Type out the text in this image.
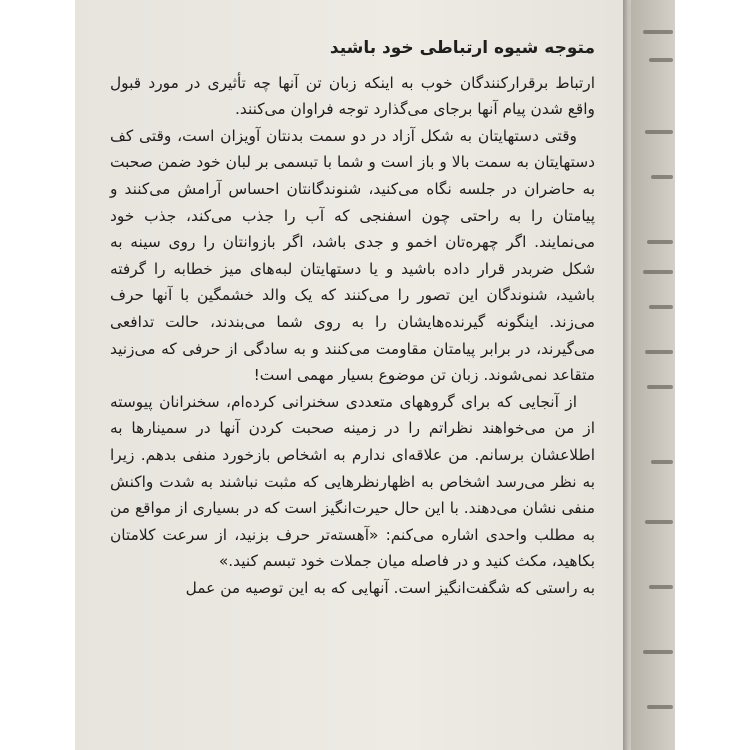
متوجه شیوه ارتباطی خود باشید

ارتباط برقرارکنندگان خوب به اینکه زبان تن آنها چه تأثیری در مورد قبول واقع شدن پیام آنها برجای می‌گذارد توجه فراوان می‌کنند.

وقتی دستهایتان به شکل آزاد در دو سمت بدنتان آویزان است، وقتی کف دستهایتان به سمت بالا و باز است و شما با تبسمی بر لبان خود ضمن صحبت به حاضران در جلسه نگاه می‌کنید، شنوندگانتان احساس آرامش می‌کنند و پیامتان را به راحتی چون اسفنجی که آب را جذب می‌کند، جذب خود می‌نمایند. اگر چهره‌تان اخمو و جدی باشد، اگر بازوانتان را روی سینه به شکل ضربدر قرار داده باشید و یا دستهایتان لبه‌های میز خطابه را گرفته باشید، شنوندگان این تصور را می‌کنند که یک والد خشمگین با آنها حرف می‌زند. اینگونه گیرنده‌هایشان را به روی شما می‌بندند، حالت تدافعی می‌گیرند، در برابر پیامتان مقاومت می‌کنند و به سادگی از حرفی که می‌زنید متقاعد نمی‌شوند. زبان تن موضوع بسیار مهمی است!

از آنجایی که برای گروههای متعددی سخنرانی کرده‌ام، سخنرانان پیوسته از من می‌خواهند نظراتم را در زمینه صحبت کردن آنها در سمینارها به اطلاعشان برسانم. من علاقه‌ای ندارم به اشخاص بازخورد منفی بدهم. زیرا به نظر می‌رسد اشخاص به اظهارنظرهایی که مثبت نباشند به شدت واکنش منفی نشان می‌دهند. با این حال حیرت‌انگیز است که در بسیاری از مواقع من به مطلب واحدی اشاره می‌کنم: «آهسته‌تر حرف بزنید، از سرعت کلامتان بکاهید، مکث کنید و در فاصله میان جملات خود تبسم کنید.»

به راستی که شگفت‌انگیز است. آنهایی که به این توصیه من عمل
